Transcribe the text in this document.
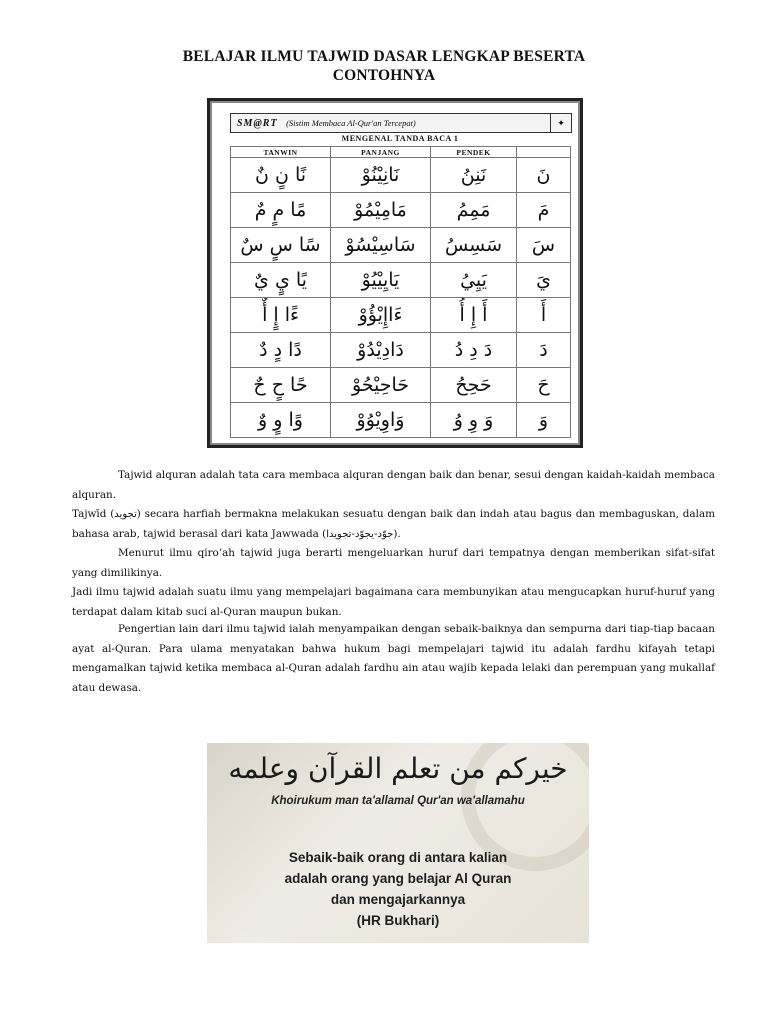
BELAJAR ILMU TAJWID DASAR LENGKAP BESERTA
CONTOHNYA
SM@RT (Sistim Membaca Al-Qur'an Tercepat)	✦
MENGENAL TANDA BACA 1
TANWIN	PANJANG	PENDEK	
نًا نٍ نٌ	نَانِيْنُوْ	نَنِنُ	نَ
مًا مٍ مٌ	مَامِيْمُوْ	مَمِمُ	مَ
سًا سٍ سٌ	سَاسِيْسُوْ	سَسِسُ	سَ
يًا يٍ يٌ	يَايِيْيُوْ	يَيِيُ	يَ
ءًا إٍ أٌ	ءَاإِيْؤُوْ	أَ إِ أُ	أَ
دًا دٍ دٌ	دَادِيْدُوْ	دَ دِ دُ	دَ
حًا حٍ حٌ	حَاحِيْحُوْ	حَحِحُ	حَ
وًا وٍ وٌ	وَاوِيْوُوْ	وَ وِ وُ	وَ

Tajwid alquran adalah tata cara membaca alquran dengan baik dan benar, sesui dengan kaidah-kaidah membaca alquran.

Tajwīd (تجويد) secara harfiah bermakna melakukan sesuatu dengan baik dan indah atau bagus dan membaguskan, dalam bahasa arab, tajwid berasal dari kata Jawwada (جوّد-يجوّد-تجويدا).

Menurut ilmu qiro’ah tajwid juga berarti mengeluarkan huruf dari tempatnya dengan memberikan sifat-sifat yang dimilikinya.

Jadi ilmu tajwid adalah suatu ilmu yang mempelajari bagaimana cara membunyikan atau mengucapkan huruf-huruf yang terdapat dalam kitab suci al-Quran maupun bukan.

Pengertian lain dari ilmu tajwid ialah menyampaikan dengan sebaik-baiknya dan sempurna dari tiap-tiap bacaan ayat al-Quran. Para ulama menyatakan bahwa hukum bagi mempelajari tajwid itu adalah fardhu kifayah tetapi mengamalkan tajwid ketika membaca al-Quran adalah fardhu ain atau wajib kepada lelaki dan perempuan yang mukallaf atau dewasa.

خيركم من تعلم القرآن وعلمه
Khoirukum man ta'allamal Qur'an wa'allamahu
Sebaik-baik orang di antara kalian
adalah orang yang belajar Al Quran
dan mengajarkannya
(HR Bukhari)
